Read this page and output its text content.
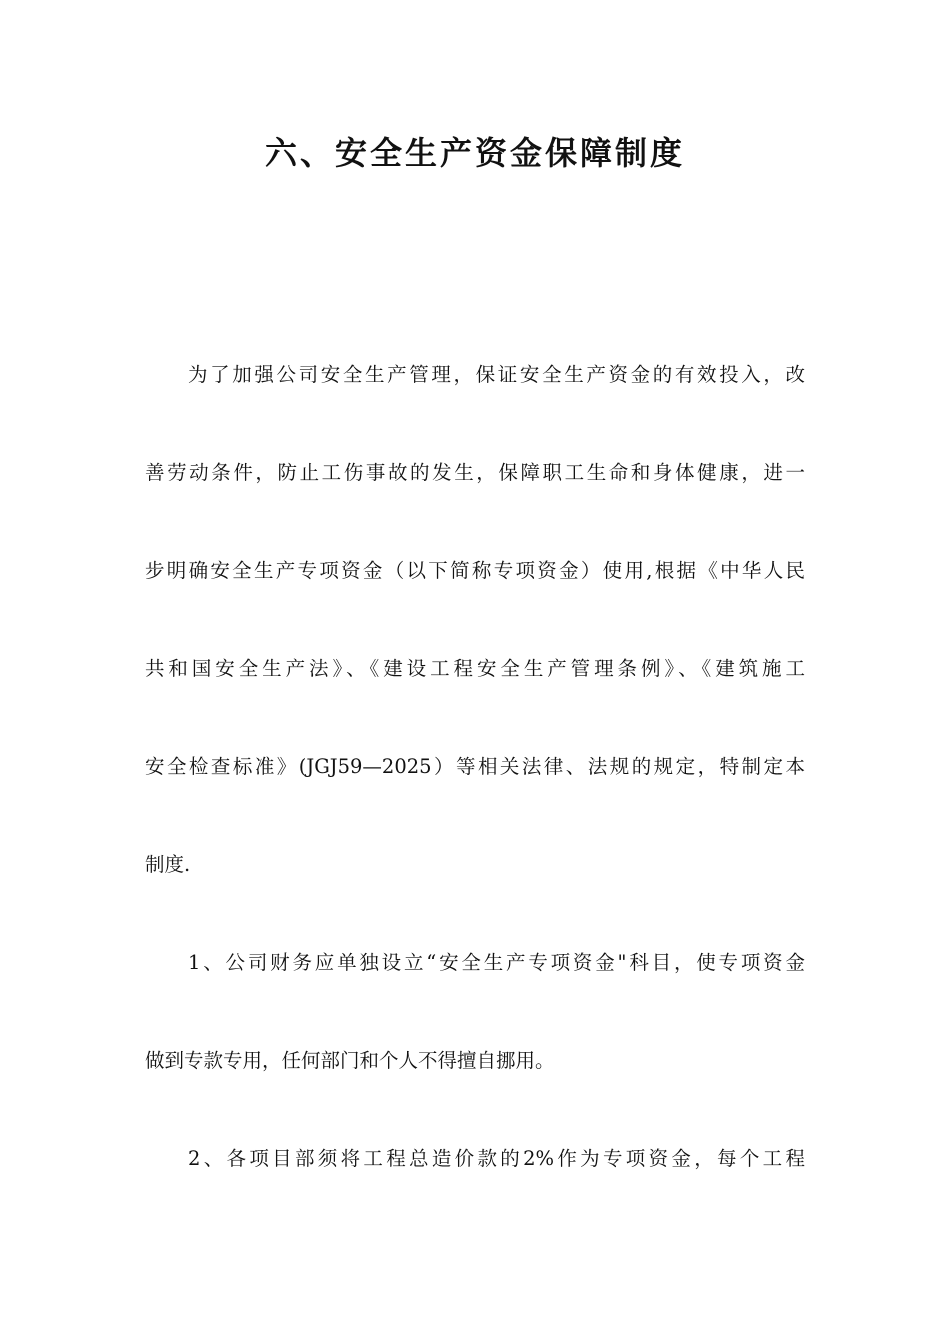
六、安全生产资金保障制度
为了加强公司安全生产管理，保证安全生产资金的有效投入，改
善劳动条件，防止工伤事故的发生，保障职工生命和身体健康，进一
步明确安全生产专项资金（以下简称专项资金）使用,根据《中华人民
共和国安全生产法》、《建设工程安全生产管理条例》、《建筑施工
安全检查标准》(JGJ59—2025）等相关法律、法规的规定，特制定本
制度.
1、公司财务应单独设立“安全生产专项资金"科目，使专项资金
做到专款专用，任何部门和个人不得擅自挪用。
2、各项目部须将工程总造价款的2%作为专项资金，每个工程
